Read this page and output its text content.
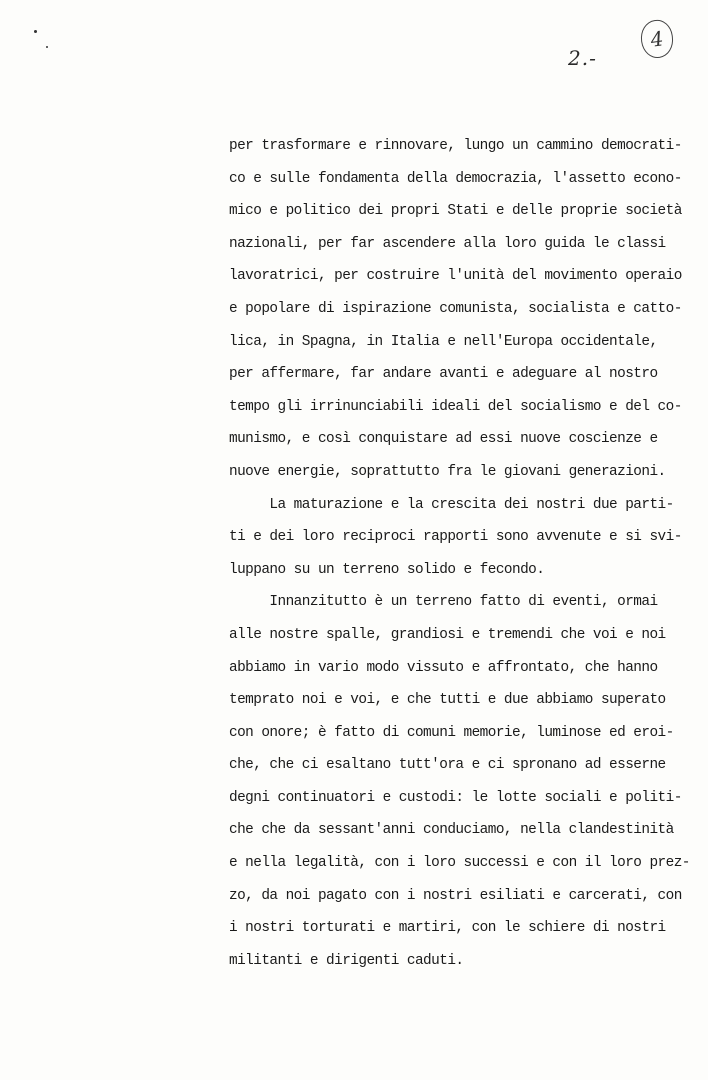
2.-
4
per trasformare e rinnovare, lungo un cammino democrati-
co e sulle fondamenta della democrazia, l'assetto econo-
mico e politico dei propri Stati e delle proprie società
nazionali, per far ascendere alla loro guida le classi
lavoratrici, per costruire l'unità del movimento operaio
e popolare di ispirazione comunista, socialista e catto-
lica, in Spagna, in Italia e nell'Europa occidentale,
per affermare, far andare avanti e adeguare al nostro
tempo gli irrinunciabili ideali del socialismo e del co-
munismo, e così conquistare ad essi nuove coscienze e
nuove energie, soprattutto fra le giovani generazioni.
La maturazione e la crescita dei nostri due parti-
ti e dei loro reciproci rapporti sono avvenute e si svi-
luppano su un terreno solido e fecondo.
Innanzitutto è un terreno fatto di eventi, ormai
alle nostre spalle, grandiosi e tremendi che voi e noi
abbiamo in vario modo vissuto e affrontato, che hanno
temprato noi e voi, e che tutti e due abbiamo superato
con onore; è fatto di comuni memorie, luminose ed eroi-
che, che ci esaltano tutt'ora e ci spronano ad esserne
degni continuatori e custodi: le lotte sociali e politi-
che che da sessant'anni conduciamo, nella clandestinità
e nella legalità, con i loro successi e con il loro prez-
zo, da noi pagato con i nostri esiliati e carcerati, con
i nostri torturati e martiri, con le schiere di nostri
militanti e dirigenti caduti.
